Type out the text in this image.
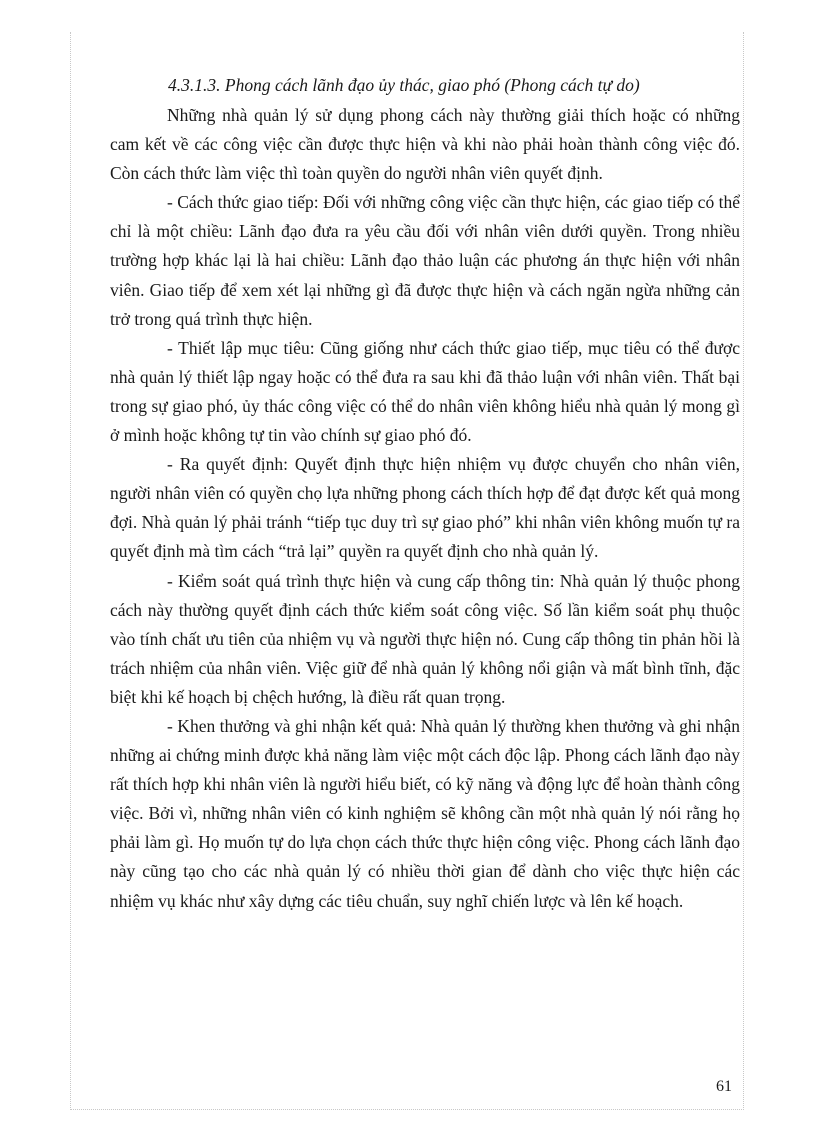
4.3.1.3. Phong cách lãnh đạo ủy thác, giao phó (Phong cách tự do)

Những nhà quản lý sử dụng phong cách này thường giải thích hoặc có những cam kết về các công việc cần được thực hiện và khi nào phải hoàn thành công việc đó. Còn cách thức làm việc thì toàn quyền do người nhân viên quyết định.

- Cách thức giao tiếp: Đối với những công việc cần thực hiện, các giao tiếp có thể chỉ là một chiều: Lãnh đạo đưa ra yêu cầu đối với nhân viên dưới quyền. Trong nhiều trường hợp khác lại là hai chiều: Lãnh đạo thảo luận các phương án thực hiện với nhân viên. Giao tiếp để xem xét lại những gì đã được thực hiện và cách ngăn ngừa những cản trở trong quá trình thực hiện.

- Thiết lập mục tiêu: Cũng giống như cách thức giao tiếp, mục tiêu có thể được nhà quản lý thiết lập ngay hoặc có thể đưa ra sau khi đã thảo luận với nhân viên. Thất bại trong sự giao phó, ủy thác công việc có thể do nhân viên không hiểu nhà quản lý mong gì ở mình hoặc không tự tin vào chính sự giao phó đó.

- Ra quyết định: Quyết định thực hiện nhiệm vụ được chuyển cho nhân viên, người nhân viên có quyền chọ lựa những phong cách thích hợp để đạt được kết quả mong đợi. Nhà quản lý phải tránh “tiếp tục duy trì sự giao phó” khi nhân viên không muốn tự ra quyết định mà tìm cách “trả lại” quyền ra quyết định cho nhà quản lý.

- Kiểm soát quá trình thực hiện và cung cấp thông tin: Nhà quản lý thuộc phong cách này thường quyết định cách thức kiểm soát công việc. Số lần kiểm soát phụ thuộc vào tính chất ưu tiên của nhiệm vụ và người thực hiện nó. Cung cấp thông tin phản hồi là trách nhiệm của nhân viên. Việc giữ để nhà quản lý không nổi giận và mất bình tĩnh, đặc biệt khi kế hoạch bị chệch hướng, là điều rất quan trọng.

- Khen thưởng và ghi nhận kết quả: Nhà quản lý thường khen thưởng và ghi nhận những ai chứng minh được khả năng làm việc một cách độc lập. Phong cách lãnh đạo này rất thích hợp khi nhân viên là người hiểu biết, có kỹ năng và động lực để hoàn thành công việc. Bởi vì, những nhân viên có kinh nghiệm sẽ không cần một nhà quản lý nói rằng họ phải làm gì. Họ muốn tự do lựa chọn cách thức thực hiện công việc. Phong cách lãnh đạo này cũng tạo cho các nhà quản lý có nhiều thời gian để dành cho việc thực hiện các nhiệm vụ khác như xây dựng các tiêu chuẩn, suy nghĩ chiến lược và lên kế hoạch.

61
